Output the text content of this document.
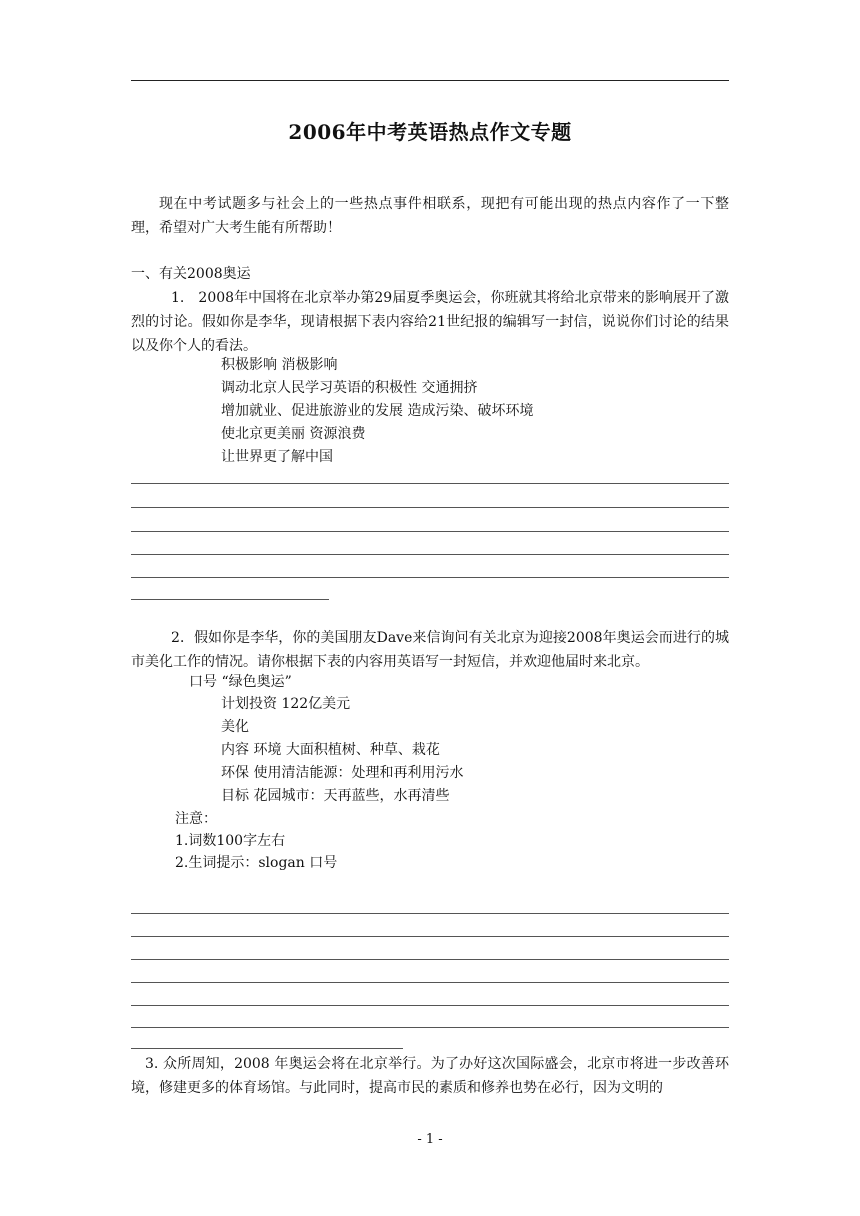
2006年中考英语热点作文专题
现在中考试题多与社会上的一些热点事件相联系，现把有可能出现的热点内容作了一下整理，希望对广大考生能有所帮助！
一、有关2008奥运
1.　2008年中国将在北京举办第29届夏季奥运会，你班就其将给北京带来的影响展开了激烈的讨论。假如你是李华，现请根据下表内容给21世纪报的编辑写一封信，说说你们讨论的结果以及你个人的看法。
积极影响 消极影响
调动北京人民学习英语的积极性 交通拥挤
增加就业、促进旅游业的发展 造成污染、破坏环境
使北京更美丽 资源浪费
让世界更了解中国
2．假如你是李华，你的美国朋友Dave来信询问有关北京为迎接2008年奥运会而进行的城市美化工作的情况。请你根据下表的内容用英语写一封短信，并欢迎他届时来北京。
口号 “绿色奥运”
计划投资 122亿美元
美化
内容 环境 大面积植树、种草、栽花
环保 使用清洁能源：处理和再利用污水
目标 花园城市：天再蓝些，水再清些
注意：
1.词数100字左右
2.生词提示：slogan 口号
3. 众所周知，2008 年奥运会将在北京举行。为了办好这次国际盛会，北京市将进一步改善环境，修建更多的体育场馆。与此同时，提高市民的素质和修养也势在必行，因为文明的
- 1 -
